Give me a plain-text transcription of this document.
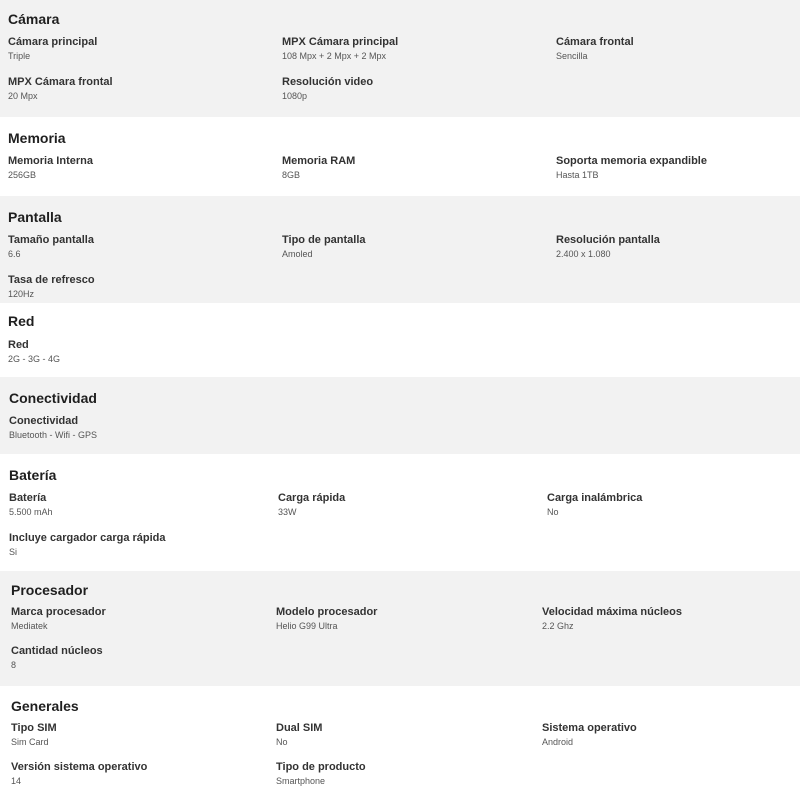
Cámara
Cámara principal
Triple
MPX Cámara principal
108 Mpx + 2 Mpx + 2 Mpx
Cámara frontal
Sencilla
MPX Cámara frontal
20 Mpx
Resolución video
1080p
Memoria
Memoria Interna
256GB
Memoria RAM
8GB
Soporta memoria expandible
Hasta 1TB
Pantalla
Tamaño pantalla
6.6
Tipo de pantalla
Amoled
Resolución pantalla
2.400 x 1.080
Tasa de refresco
120Hz
Red
Red
2G - 3G - 4G
Conectividad
Conectividad
Bluetooth - Wifi - GPS
Batería
Batería
5.500 mAh
Carga rápida
33W
Carga inalámbrica
No
Incluye cargador carga rápida
Si
Procesador
Marca procesador
Mediatek
Modelo procesador
Helio G99 Ultra
Velocidad máxima núcleos
2.2 Ghz
Cantidad núcleos
8
Generales
Tipo SIM
Sim Card
Dual SIM
No
Sistema operativo
Android
Versión sistema operativo
14
Tipo de producto
Smartphone
